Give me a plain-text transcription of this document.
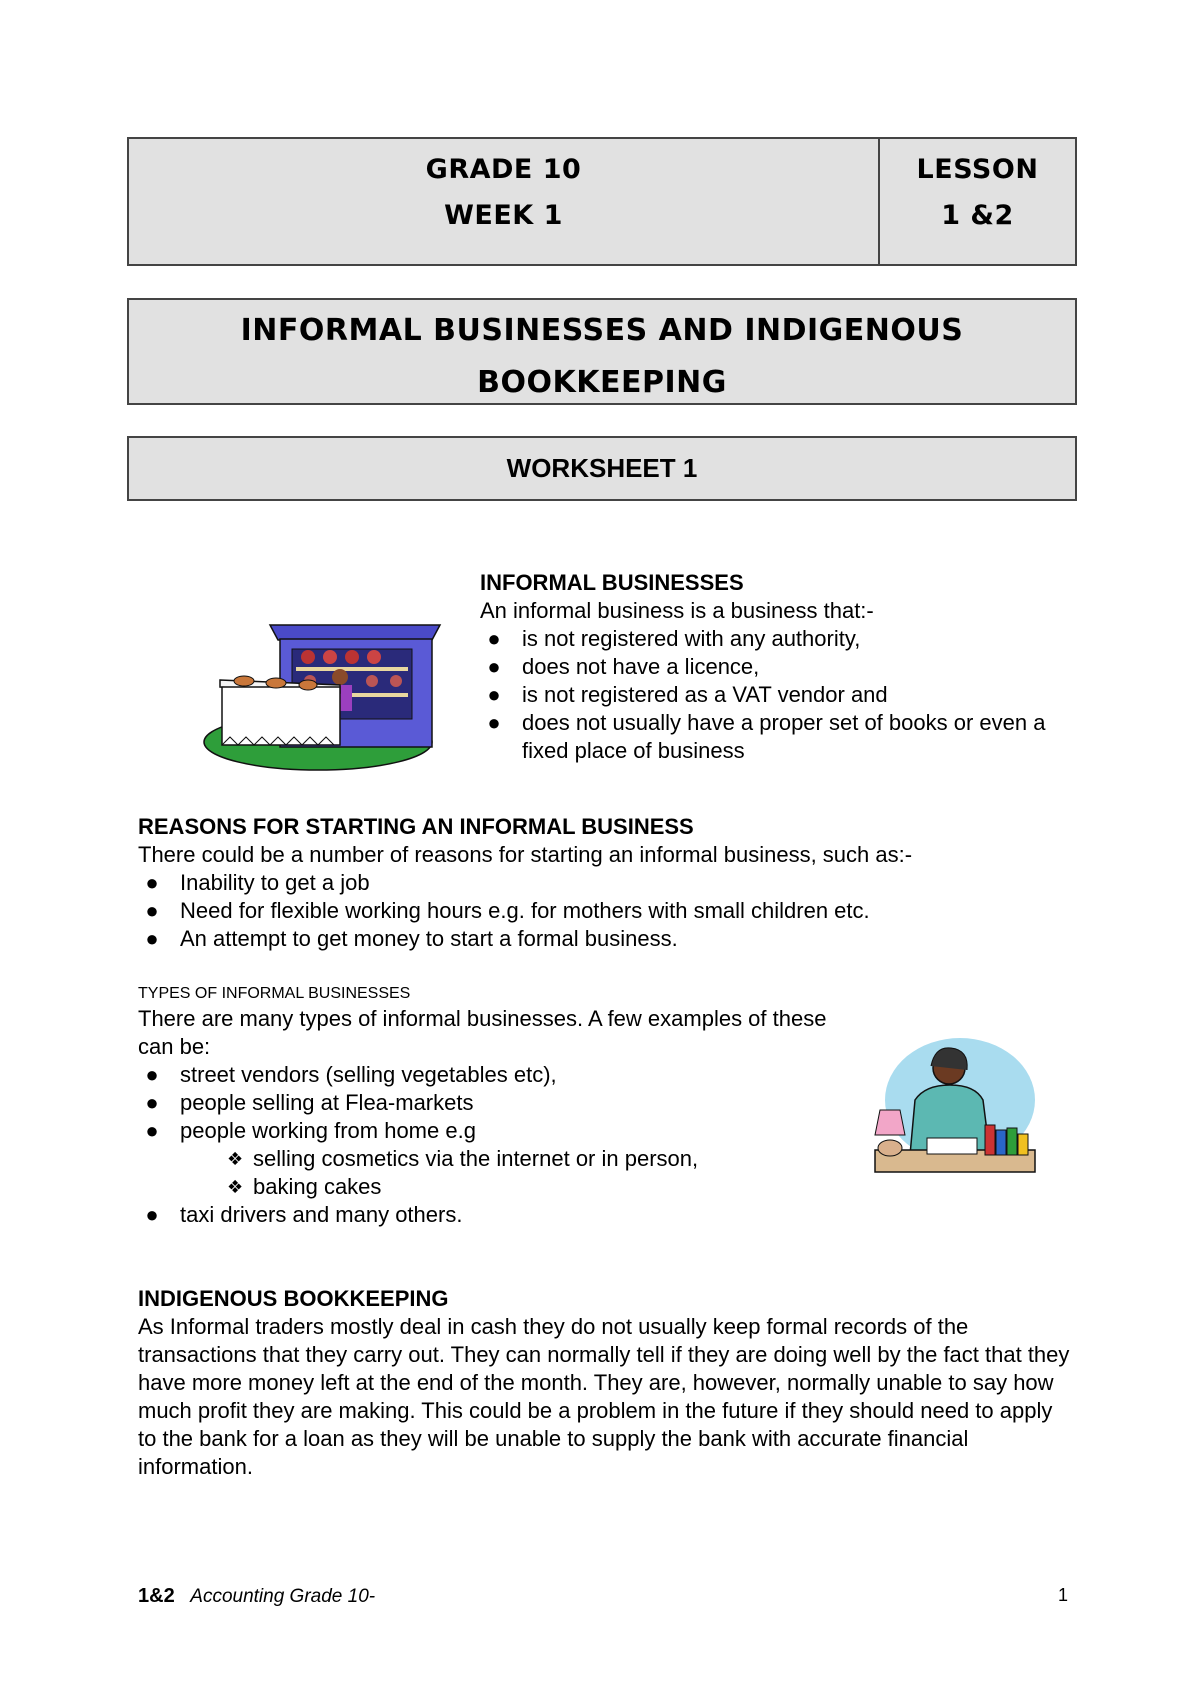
GRADE 10
WEEK 1
LESSON
1 &2
INFORMAL BUSINESSES AND INDIGENOUS
BOOKKEEPING
WORKSHEET 1
INFORMAL BUSINESSES
An informal business is a business that:-
● is not registered with any authority,
● does not have a licence,
● is not registered as a VAT vendor and
● does not usually have a proper set of books or even a fixed place of business
REASONS FOR STARTING AN INFORMAL BUSINESS
There could be a number of reasons for starting an informal business, such as:-
● Inability to get a job
● Need for flexible working hours e.g. for mothers with small children etc.
● An attempt to get money to start a formal business.
TYPES OF INFORMAL BUSINESSES
There are many types of informal businesses. A few examples of these can be:
● street vendors (selling vegetables etc),
● people selling at Flea-markets
● people working from home e.g
❖ selling cosmetics via the internet or in person,
❖ baking cakes
● taxi drivers and many others.
INDIGENOUS BOOKKEEPING
As Informal traders mostly deal in cash they do not usually keep formal records of the transactions that they carry out. They can normally tell if they are doing well by the fact that they have more money left at the end of the month. They are, however, normally unable to say how much profit they are making. This could be a problem in the future if they should need to apply to the bank for a loan as they will be unable to supply the bank with accurate financial information.
1&2 Accounting Grade 10-	1
